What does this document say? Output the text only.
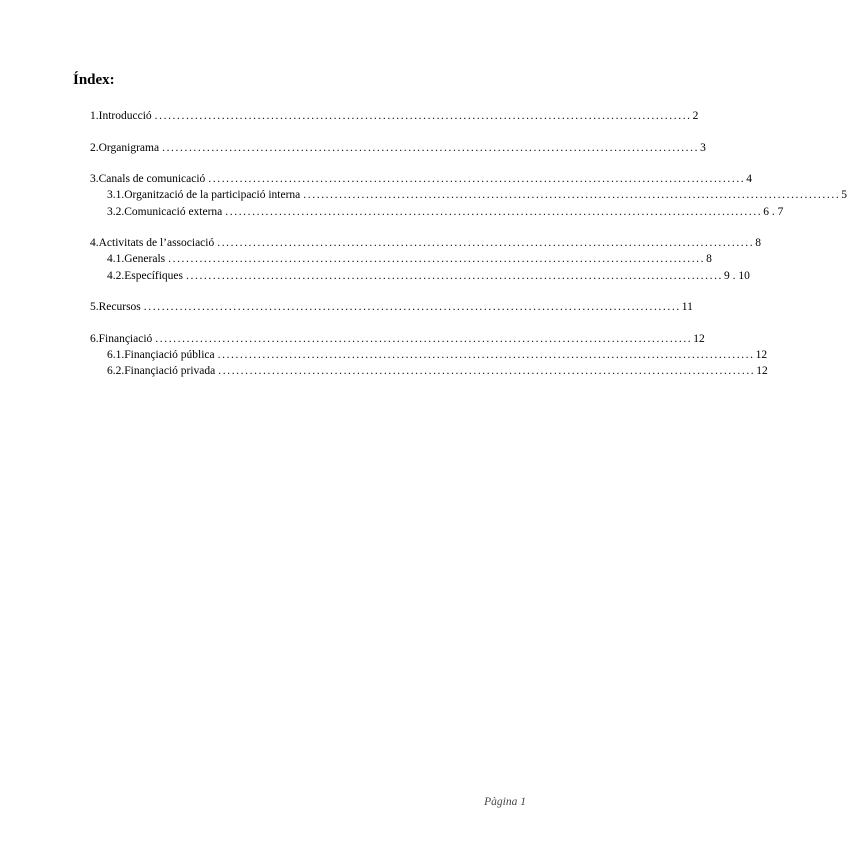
Índex:
1. Introducció ........................................................................................................................ 2
2. Organigrama ........................................................................................................................ 3
3. Canals de comunicació ........................................................................................................................ 4
3.1. Organització de la participació interna ........................................................................................................................ 5
3.2. Comunicació externa ........................................................................................................................ 6 . 7
4. Activitats de l’associació ........................................................................................................................ 8
4.1. Generals ........................................................................................................................ 8
4.2. Específiques ........................................................................................................................ 9 . 10
5. Recursos ........................................................................................................................ 11
6. Finançiació ........................................................................................................................ 12
6.1. Finançiació pública ........................................................................................................................ 12
6.2. Finançiació privada ........................................................................................................................ 12
Pàgina 1
